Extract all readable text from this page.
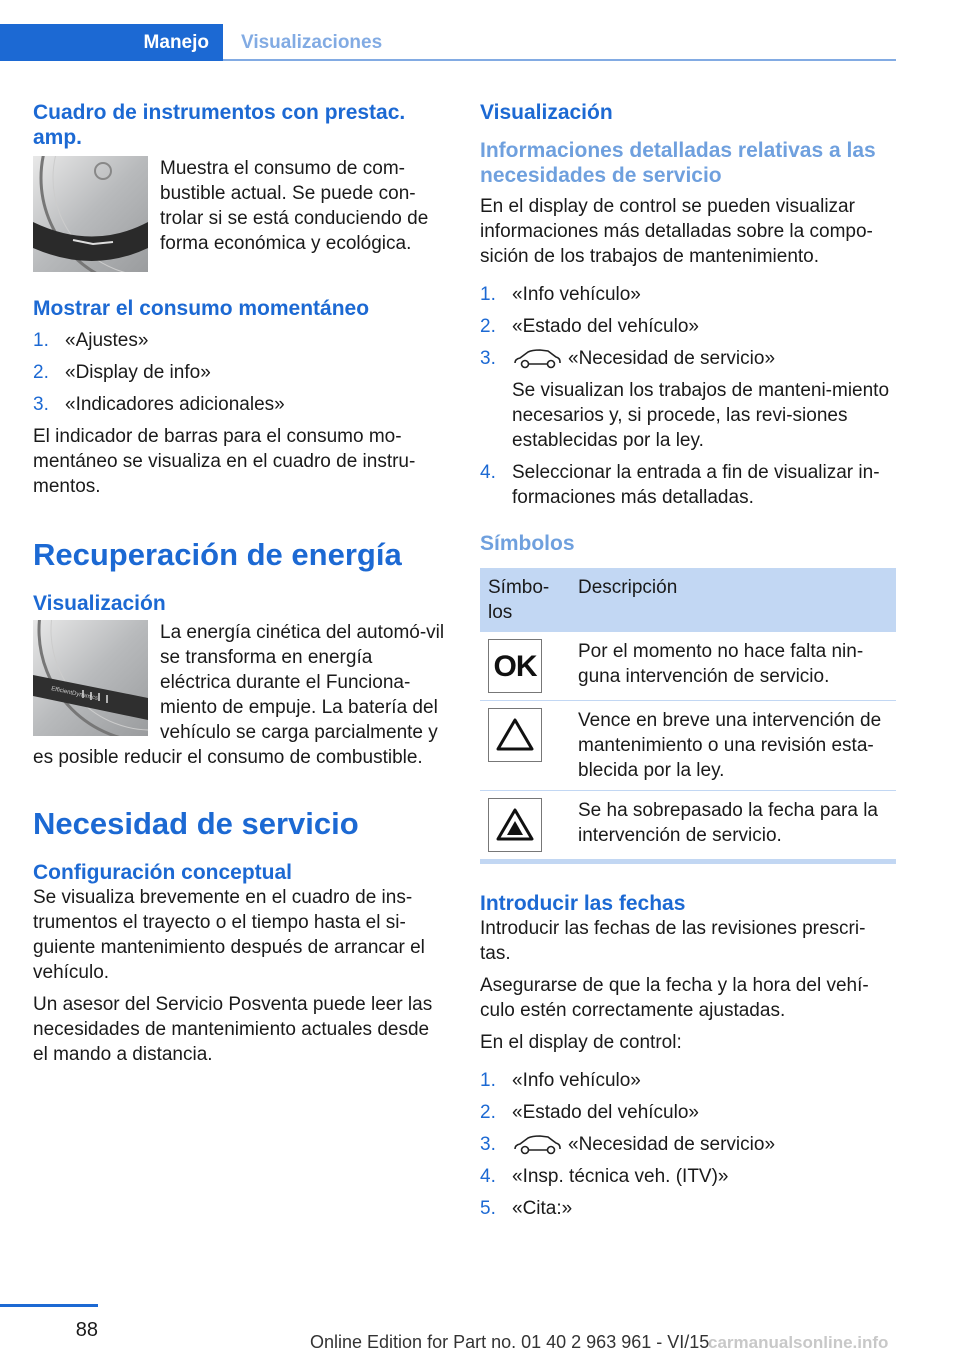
Manejo	Visualizaciones
Cuadro de instrumentos con prestac. amp.

Muestra el consumo de com-bustible actual. Se puede con-trolar si se está conduciendo de forma económica y ecológica.

Mostrar el consumo momentáneo
1. «Ajustes»
2. «Display de info»
3. «Indicadores adicionales»

El indicador de barras para el consumo mo-mentáneo se visualiza en el cuadro de instru-mentos.

Recuperación de energía
Visualización
EfficientDynamics

La energía cinética del automó-vil se transforma en energía eléctrica durante el Funciona-miento de empuje. La batería del vehículo se carga parcialmente y es posible reducir el consumo de combustible.

Necesidad de servicio
Configuración conceptual

Se visualiza brevemente en el cuadro de ins-trumentos el trayecto o el tiempo hasta el si-guiente mantenimiento después de arrancar el vehículo.

Un asesor del Servicio Posventa puede leer las necesidades de mantenimiento actuales desde el mando a distancia.

Visualización
Informaciones detalladas relativas a las necesidades de servicio

En el display de control se pueden visualizar informaciones más detalladas sobre la compo-sición de los trabajos de mantenimiento.

1. «Info vehículo»
2. «Estado del vehículo»
3.	«Necesidad de servicio»

Se visualizan los trabajos de manteni-miento necesarios y, si procede, las revi-siones establecidas por la ley.

4. Seleccionar la entrada a fin de visualizar in-formaciones más detalladas.
Símbolos
Símbo-los	Descripción

OK	Por el momento no hace falta nin-guna intervención de servicio.

	Vence en breve una intervención de mantenimiento o una revisión esta-blecida por la ley.

	Se ha sobrepasado la fecha para la intervención de servicio.
Introducir las fechas

Introducir las fechas de las revisiones prescri-tas.

Asegurarse de que la fecha y la hora del vehí-culo estén correctamente ajustadas.

En el display de control:

1. «Info vehículo»
2. «Estado del vehículo»
3.	«Necesidad de servicio»
4. «Insp. técnica veh. (ITV)»
5. «Cita:»
88
Online Edition for Part no. 01 40 2 963 961 - VI/15
carmanualsonline.info
